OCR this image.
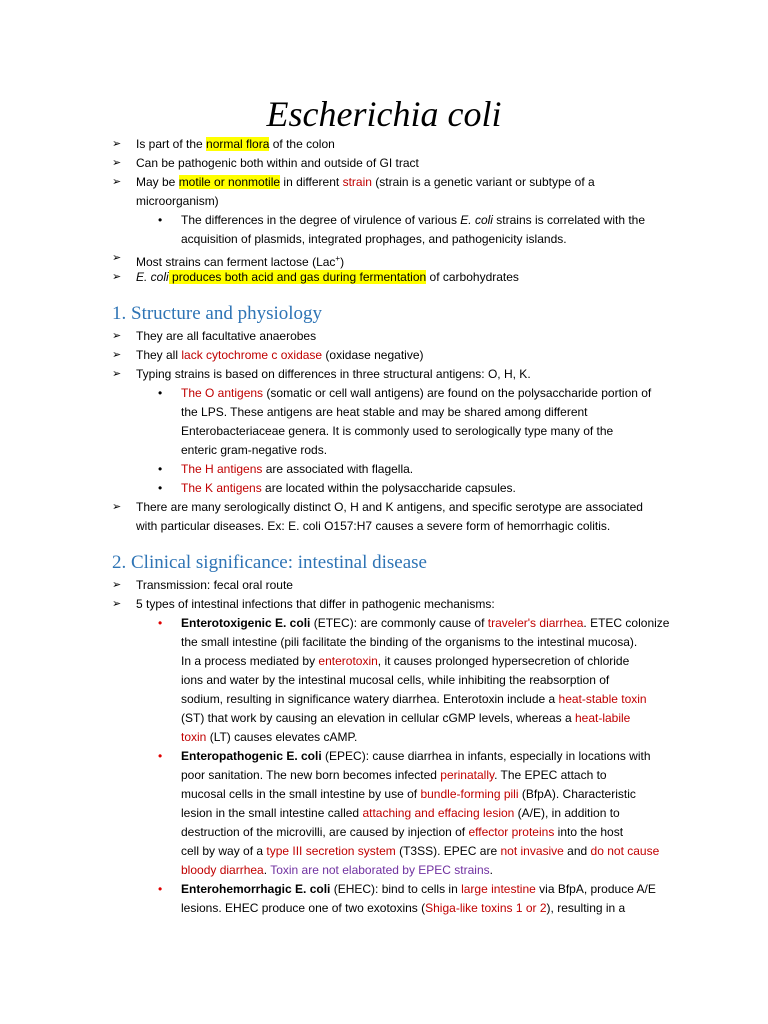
Escherichia coli
➢ Is part of the normal flora of the colon
➢ Can be pathogenic both within and outside of GI tract
➢ May be motile or nonmotile in different strain (strain is a genetic variant or subtype of a
microorganism)
• The differences in the degree of virulence of various E. coli strains is correlated with the
acquisition of plasmids, integrated prophages, and pathogenicity islands.
➢ Most strains can ferment lactose (Lac+)
➢ E. coli produces both acid and gas during fermentation of carbohydrates
1. Structure and physiology
➢ They are all facultative anaerobes
➢ They all lack cytochrome c oxidase (oxidase negative)
➢ Typing strains is based on differences in three structural antigens: O, H, K.
• The O antigens (somatic or cell wall antigens) are found on the polysaccharide portion of
the LPS. These antigens are heat stable and may be shared among different
Enterobacteriaceae genera. It is commonly used to serologically type many of the
enteric gram-negative rods.
• The H antigens are associated with flagella.
• The K antigens are located within the polysaccharide capsules.
➢ There are many serologically distinct O, H and K antigens, and specific serotype are associated
with particular diseases. Ex: E. coli O157:H7 causes a severe form of hemorrhagic colitis.
2. Clinical significance: intestinal disease
➢ Transmission: fecal oral route
➢ 5 types of intestinal infections that differ in pathogenic mechanisms:
• Enterotoxigenic E. coli (ETEC): are commonly cause of traveler's diarrhea. ETEC colonize
the small intestine (pili facilitate the binding of the organisms to the intestinal mucosa).
In a process mediated by enterotoxin, it causes prolonged hypersecretion of chloride
ions and water by the intestinal mucosal cells, while inhibiting the reabsorption of
sodium, resulting in significance watery diarrhea. Enterotoxin include a heat-stable toxin
(ST) that work by causing an elevation in cellular cGMP levels, whereas a heat-labile
toxin (LT) causes elevates cAMP.
• Enteropathogenic E. coli (EPEC): cause diarrhea in infants, especially in locations with
poor sanitation. The new born becomes infected perinatally. The EPEC attach to
mucosal cells in the small intestine by use of bundle-forming pili (BfpA). Characteristic
lesion in the small intestine called attaching and effacing lesion (A/E), in addition to
destruction of the microvilli, are caused by injection of effector proteins into the host
cell by way of a type III secretion system (T3SS). EPEC are not invasive and do not cause
bloody diarrhea. Toxin are not elaborated by EPEC strains.
• Enterohemorrhagic E. coli (EHEC): bind to cells in large intestine via BfpA, produce A/E
lesions. EHEC produce one of two exotoxins (Shiga-like toxins 1 or 2), resulting in a
